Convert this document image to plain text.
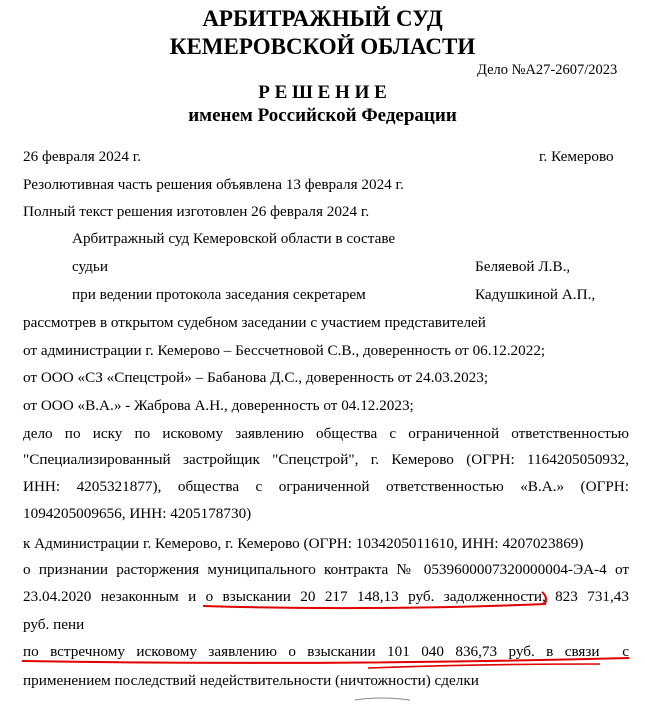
АРБИТРАЖНЫЙ СУД
КЕМЕРОВСКОЙ ОБЛАСТИ
Дело №А27-2607/2023
Р Е Ш Е Н И Е
именем Российской Федерации
26 февраля 2024 г.	г. Кемерово
Резолютивная часть решения объявлена 13 февраля 2024 г.
Полный текст решения изготовлен 26 февраля 2024 г.
Арбитражный суд Кемеровской области в составе
судьи	Беляевой Л.В.,
при ведении протокола заседания секретарем	Кадушкиной А.П.,
рассмотрев в открытом судебном заседании с участием представителей
от администрации г. Кемерово – Бессчетновой С.В., доверенность от 06.12.2022;
от ООО «СЗ «Спецстрой» – Бабанова Д.С., доверенность от 24.03.2023;
от ООО «В.А.» - Жаброва А.Н., доверенность от 04.12.2023;
дело по иску по исковому заявлению общества с ограниченной ответственностью
"Специализированный застройщик "Спецстрой", г. Кемерово (ОГРН: 1164205050932,
ИНН: 4205321877), общества с ограниченной ответственностью «В.А.» (ОГРН:
1094205009656, ИНН: 4205178730)
к Администрации г. Кемерово, г. Кемерово (ОГРН: 1034205011610, ИНН: 4207023869)
о признании расторжения муниципального контракта № 0539600007320000004-ЭА-4 от
23.04.2020 незаконным и о взыскании 20 217 148,13 руб. задолженности, 823 731,43
руб. пени
по встречному исковому заявлению о взыскании 101 040 836,73 руб. в связи  с
применением последствий недействительности (ничтожности) сделки
